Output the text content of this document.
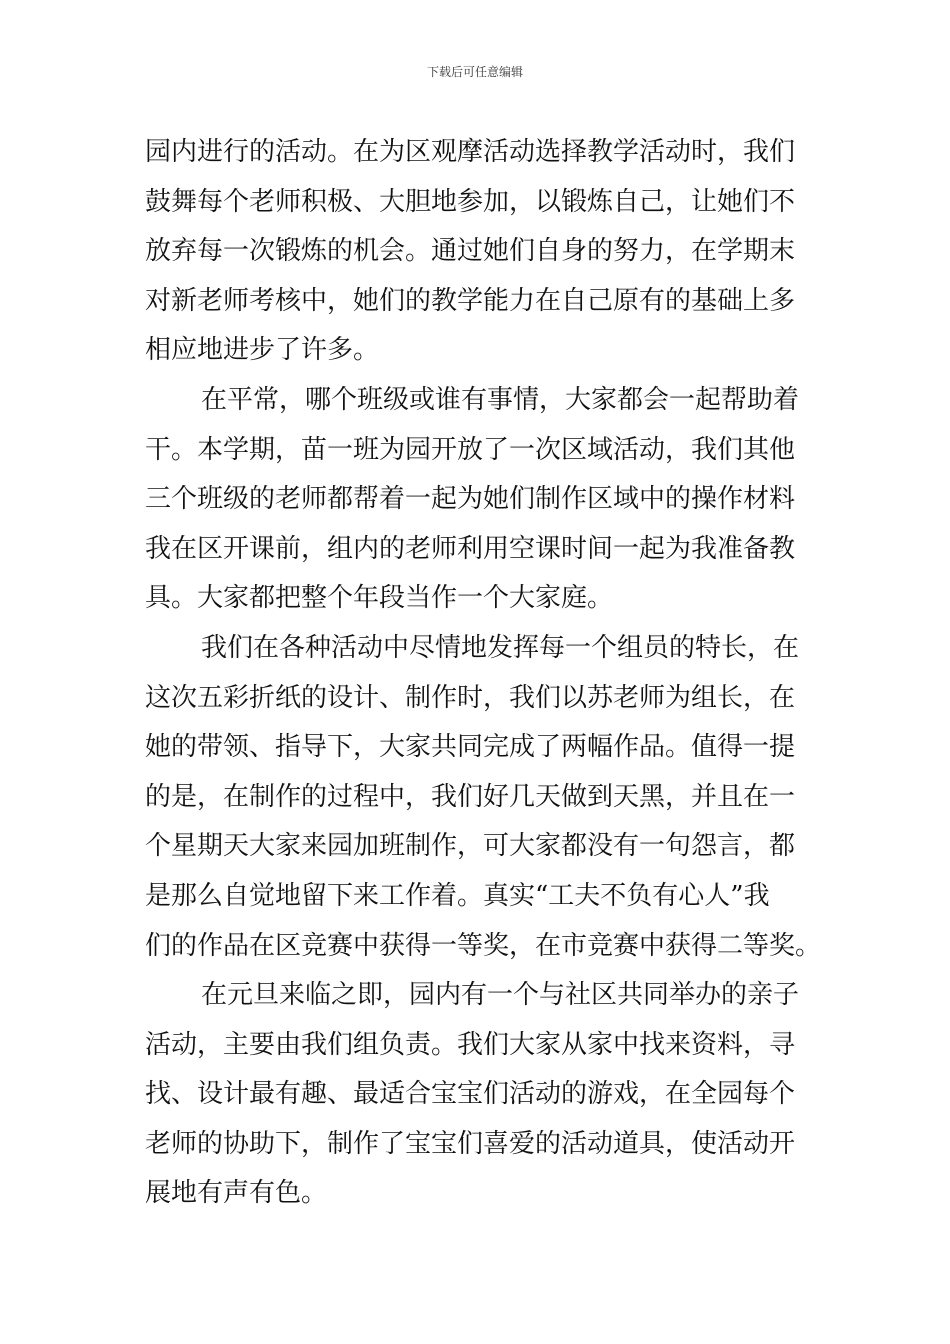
下载后可任意编辑
园内进行的活动。在为区观摩活动选择教学活动时，我们
鼓舞每个老师积极、大胆地参加，以锻炼自己，让她们不
放弃每一次锻炼的机会。通过她们自身的努力，在学期末
对新老师考核中，她们的教学能力在自己原有的基础上多
相应地进步了许多。
在平常，哪个班级或谁有事情，大家都会一起帮助着
干。本学期，苗一班为园开放了一次区域活动，我们其他
三个班级的老师都帮着一起为她们制作区域中的操作材料
我在区开课前，组内的老师利用空课时间一起为我准备教
具。大家都把整个年段当作一个大家庭。
我们在各种活动中尽情地发挥每一个组员的特长，在
这次五彩折纸的设计、制作时，我们以苏老师为组长，在
她的带领、指导下，大家共同完成了两幅作品。值得一提
的是，在制作的过程中，我们好几天做到天黑，并且在一
个星期天大家来园加班制作，可大家都没有一句怨言，都
是那么自觉地留下来工作着。真实“工夫不负有心人”我
们的作品在区竞赛中获得一等奖，在市竞赛中获得二等奖。
在元旦来临之即，园内有一个与社区共同举办的亲子
活动，主要由我们组负责。我们大家从家中找来资料，寻
找、设计最有趣、最适合宝宝们活动的游戏，在全园每个
老师的协助下，制作了宝宝们喜爱的活动道具，使活动开
展地有声有色。
